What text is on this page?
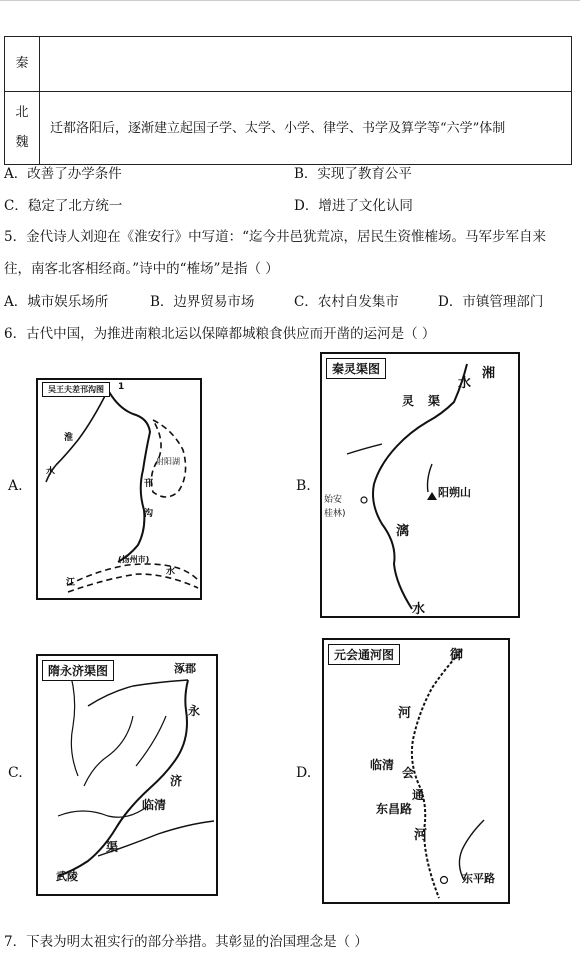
秦	

北
魏	迁都洛阳后，逐渐建立起国子学、太学、小学、律学、书学及算学等“六学”体制
A．改善了办学条件	B．实现了教育公平
C．稳定了北方统一	D．增进了文化认同
5．金代诗人刘迎在《淮安行》中写道：“迄今井邑犹荒凉，居民生资惟榷场。马军步军自来
往，南客北客相经商。”诗中的“榷场”是指（ ）
A．城市娱乐场所	B．边界贸易市场	C．农村自发集市	D．市镇管理部门
6．古代中国，为推进南粮北运以保障都城粮食供应而开凿的运河是（ ）
A.	B.
C.	D.
吴王夫差邗沟图	1
淮
水
射阳湖
邗
沟
(扬州市)
水
江
秦灵渠图	湘
水
灵 渠
阳朔山
始安
桂林)
漓
水
隋永济渠图	涿郡
永
济
临清
渠
武陵
元会通河图	御
河
临清
会
通
东昌路
河
东平路
7．下表为明太祖实行的部分举措。其彰显的治国理念是（ ）
